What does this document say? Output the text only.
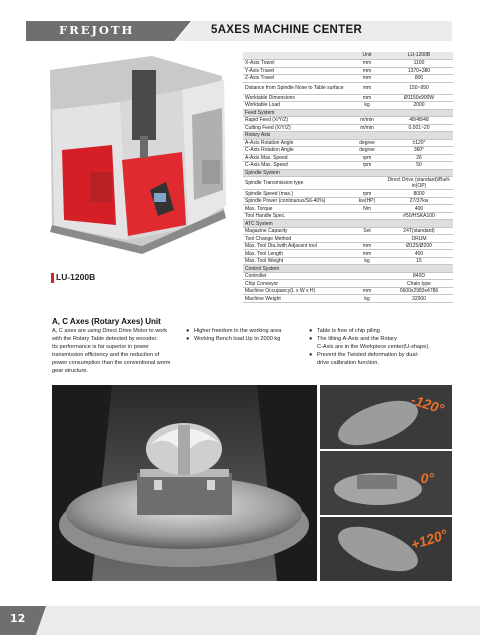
FREJOTH	5AXES MACHINE CENTER
LU-1200B
	Unit	LU-1200B
X-Axis Travel	mm	1100
Y-Axis Travel	mm	1370+380
Z-Axis Travel	mm	800
Distance from Spindle Nose to Table surface	mm	150~950
Worktable Dimensions	mm	Ø1150x900W
Worktable Load	kg	2000
Feed System		
Rapid Feed (X/Y/Z)	m/min	48/48/48
Cutting Feed (X/Y/Z)	m/min	0.001~20
Rotary Axis		
A-Axis Rotation Angle	degree	±120°
C-Axis Rotation Angle	degree	360°
A-Axis Max. Speed	rpm	26
C-Axis Max. Speed	rpm	50
Spindle System		
Spindle Transmission type		Direct Drive (standard)/Built-in(OP)
Spindle Speed (max.)	rpm	8000
Spindle Power (continuous/S6-40%)	kw(HP)	27/37kw
Max. Torque	Nm	400
Tool Handle Spec.		#50/HSKA100
ATC System		
Magazine Capacity	Set	24T(standard)
Tool Change Method		DRUM
Max. Tool Dia./with Adjacent tool	mm	Ø125/Ø200
Max. Tool Length	mm	400
Max. Tool Weight	kg	15
Control System		
Controller		840D
Chip Conveyor		Chain type
Machine Occupancy(L x W x H)	mm	5600x2983x4786
Machine Weight	kg	32000
A, C Axes (Rotary Axes) Unit
A, C axes are using Direct Drive Motor to work
with the Rotary Table detected by encoder.
Its performance is far superior in power
transmission efficiency and the reduction of
power consumption than the conventional worm
gear structure.
● Higher freedom in the working area
● Working Bench load Up to 2000 kg
● Table is free of chip piling
● The tilting A-Axis and the Rotary
C-Axis are in the Workpiece center(U-shape).
● Prevent the Twisted deformation by dual-
drive calibration function.
-120°
0°
+120°
12
